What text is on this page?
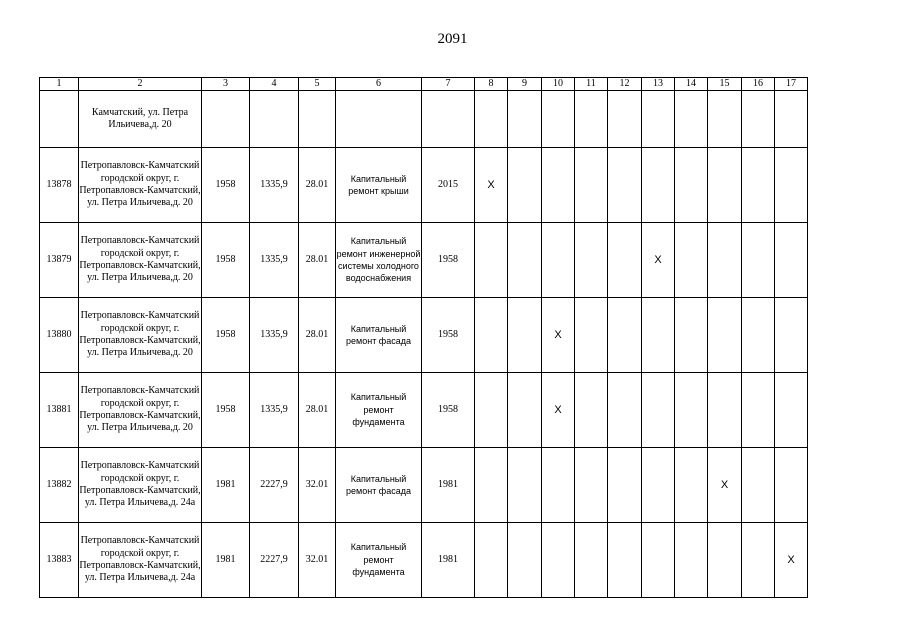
2091
1	2	3	4	5	6	7	8	9	10	11	12	13	14	15	16	17
	Камчатский, ул. Петра Ильичева,д. 20															
13878	Петропавловск-Камчатский городской округ, г. Петропавловск-Камчатский, ул. Петра Ильичева,д. 20	1958	1335,9	28.01	Капитальный ремонт крыши	2015	X									
13879	Петропавловск-Камчатский городской округ, г. Петропавловск-Камчатский, ул. Петра Ильичева,д. 20	1958	1335,9	28.01	Капитальный ремонт инженерной системы холодного водоснабжения	1958						X				
13880	Петропавловск-Камчатский городской округ, г. Петропавловск-Камчатский, ул. Петра Ильичева,д. 20	1958	1335,9	28.01	Капитальный ремонт фасада	1958			X							
13881	Петропавловск-Камчатский городской округ, г. Петропавловск-Камчатский, ул. Петра Ильичева,д. 20	1958	1335,9	28.01	Капитальный ремонт фундамента	1958			X							
13882	Петропавловск-Камчатский городской округ, г. Петропавловск-Камчатский, ул. Петра Ильичева,д. 24а	1981	2227,9	32.01	Капитальный ремонт фасада	1981								X		
13883	Петропавловск-Камчатский городской округ, г. Петропавловск-Камчатский, ул. Петра Ильичева,д. 24а	1981	2227,9	32.01	Капитальный ремонт фундамента	1981										X
